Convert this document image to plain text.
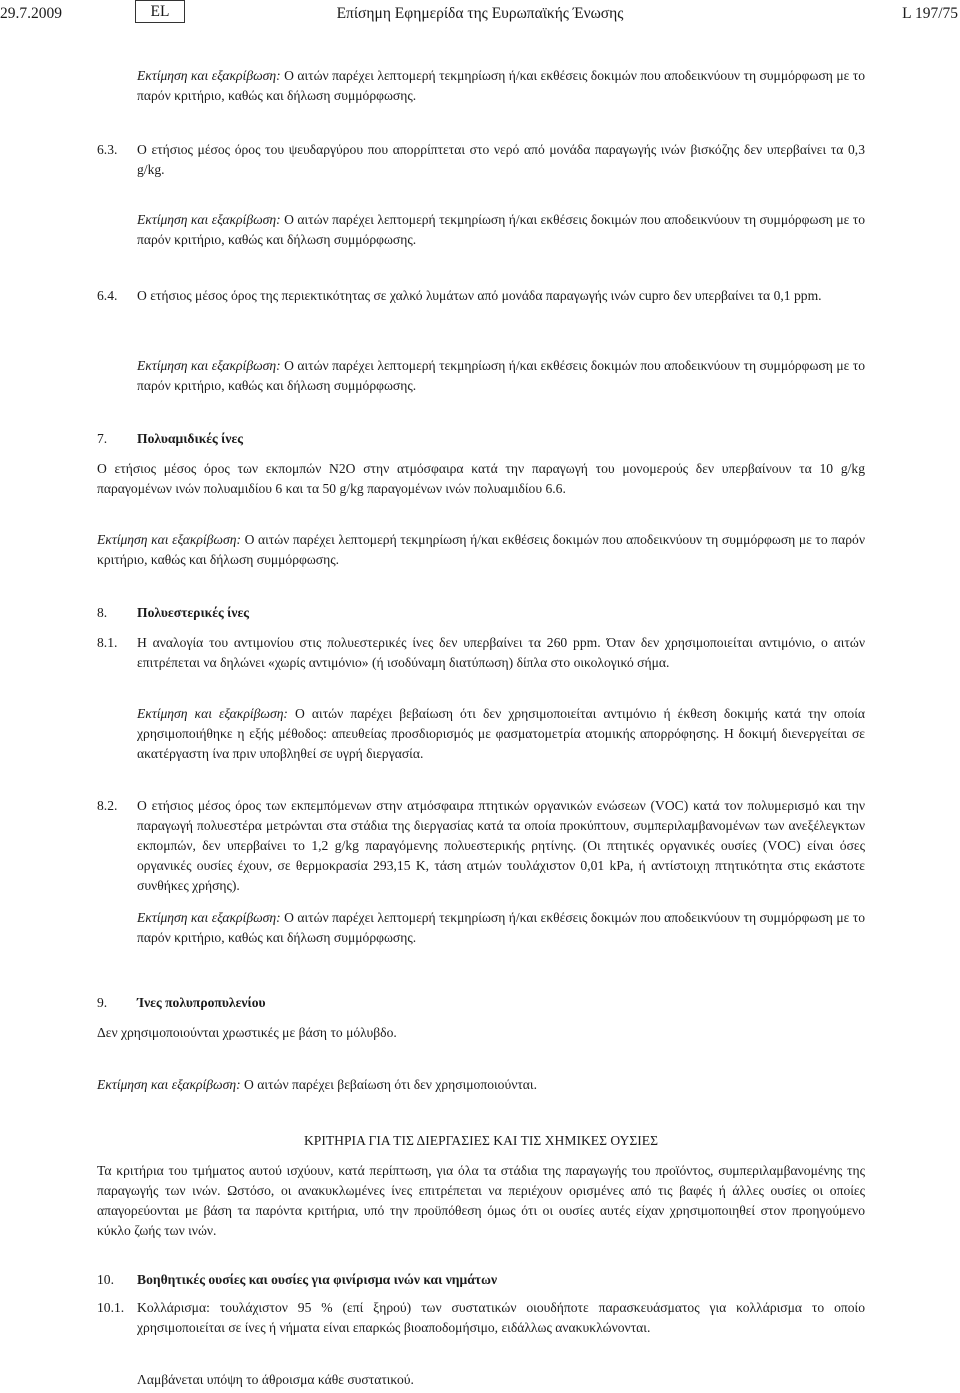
29.7.2009	EL	Επίσημη Εφημερίδα της Ευρωπαϊκής Ένωσης	L 197/75

Εκτίμηση και εξακρίβωση: Ο αιτών παρέχει λεπτομερή τεκμηρίωση ή/και εκθέσεις δοκιμών που αποδεικνύουν τη συμμόρφωση με το παρόν κριτήριο, καθώς και δήλωση συμμόρφωσης.

6.3. Ο ετήσιος μέσος όρος του ψευδαργύρου που απορρίπτεται στο νερό από μονάδα παραγωγής ινών βισκόζης δεν υπερβαίνει τα 0,3 g/kg.

Εκτίμηση και εξακρίβωση: Ο αιτών παρέχει λεπτομερή τεκμηρίωση ή/και εκθέσεις δοκιμών που αποδεικνύουν τη συμμόρφωση με το παρόν κριτήριο, καθώς και δήλωση συμμόρφωσης.

6.4. Ο ετήσιος μέσος όρος της περιεκτικότητας σε χαλκό λυμάτων από μονάδα παραγωγής ινών cupro δεν υπερβαίνει τα 0,1 ppm.

Εκτίμηση και εξακρίβωση: Ο αιτών παρέχει λεπτομερή τεκμηρίωση ή/και εκθέσεις δοκιμών που αποδεικνύουν τη συμμόρφωση με το παρόν κριτήριο, καθώς και δήλωση συμμόρφωσης.

7. Πολυαμιδικές ίνες

Ο ετήσιος μέσος όρος των εκπομπών N2O στην ατμόσφαιρα κατά την παραγωγή του μονομερούς δεν υπερβαίνουν τα 10 g/kg παραγομένων ινών πολυαμιδίου 6 και τα 50 g/kg παραγομένων ινών πολυαμιδίου 6.6.

Εκτίμηση και εξακρίβωση: Ο αιτών παρέχει λεπτομερή τεκμηρίωση ή/και εκθέσεις δοκιμών που αποδεικνύουν τη συμμόρφωση με το παρόν κριτήριο, καθώς και δήλωση συμμόρφωσης.

8. Πολυεστερικές ίνες

8.1. Η αναλογία του αντιμονίου στις πολυεστερικές ίνες δεν υπερβαίνει τα 260 ppm. Όταν δεν χρησιμοποιείται αντιμόνιο, ο αιτών επιτρέπεται να δηλώνει «χωρίς αντιμόνιο» (ή ισοδύναμη διατύπωση) δίπλα στο οικολογικό σήμα.

Εκτίμηση και εξακρίβωση: Ο αιτών παρέχει βεβαίωση ότι δεν χρησιμοποιείται αντιμόνιο ή έκθεση δοκιμής κατά την οποία χρησιμοποιήθηκε η εξής μέθοδος: απευθείας προσδιορισμός με φασματομετρία ατομικής απορρόφησης. Η δοκιμή διενεργείται σε ακατέργαστη ίνα πριν υποβληθεί σε υγρή διεργασία.

8.2. Ο ετήσιος μέσος όρος των εκπεμπόμενων στην ατμόσφαιρα πτητικών οργανικών ενώσεων (VOC) κατά τον πολυμερισμό και την παραγωγή πολυεστέρα μετρώνται στα στάδια της διεργασίας κατά τα οποία προκύπτουν, συμπεριλαμβανομένων των ανεξέλεγκτων εκπομπών, δεν υπερβαίνει το 1,2 g/kg παραγόμενης πολυεστερικής ρητίνης. (Οι πτητικές οργανικές ουσίες (VOC) είναι όσες οργανικές ουσίες έχουν, σε θερμοκρασία 293,15 K, τάση ατμών τουλάχιστον 0,01 kPa, ή αντίστοιχη πτητικότητα στις εκάστοτε συνθήκες χρήσης).

Εκτίμηση και εξακρίβωση: Ο αιτών παρέχει λεπτομερή τεκμηρίωση ή/και εκθέσεις δοκιμών που αποδεικνύουν τη συμμόρφωση με το παρόν κριτήριο, καθώς και δήλωση συμμόρφωσης.

9. Ίνες πολυπροπυλενίου

Δεν χρησιμοποιούνται χρωστικές με βάση το μόλυβδο.

Εκτίμηση και εξακρίβωση: Ο αιτών παρέχει βεβαίωση ότι δεν χρησιμοποιούνται.

ΚΡΙΤΗΡΙΑ ΓΙΑ ΤΙΣ ΔΙΕΡΓΑΣΙΕΣ ΚΑΙ ΤΙΣ ΧΗΜΙΚΕΣ ΟΥΣΙΕΣ

Τα κριτήρια του τμήματος αυτού ισχύουν, κατά περίπτωση, για όλα τα στάδια της παραγωγής του προϊόντος, συμπεριλαμβανομένης της παραγωγής των ινών. Ωστόσο, οι ανακυκλωμένες ίνες επιτρέπεται να περιέχουν ορισμένες από τις βαφές ή άλλες ουσίες οι οποίες απαγορεύονται με βάση τα παρόντα κριτήρια, υπό την προϋπόθεση όμως ότι οι ουσίες αυτές είχαν χρησιμοποιηθεί στον προηγούμενο κύκλο ζωής των ινών.

10. Βοηθητικές ουσίες και ουσίες για φινίρισμα ινών και νημάτων

10.1. Κολλάρισμα: τουλάχιστον 95 % (επί ξηρού) των συστατικών οιουδήποτε παρασκευάσματος για κολλάρισμα το οποίο χρησιμοποιείται σε ίνες ή νήματα είναι επαρκώς βιοαποδομήσιμο, ειδάλλως ανακυκλώνονται.

Λαμβάνεται υπόψη το άθροισμα κάθε συστατικού.
